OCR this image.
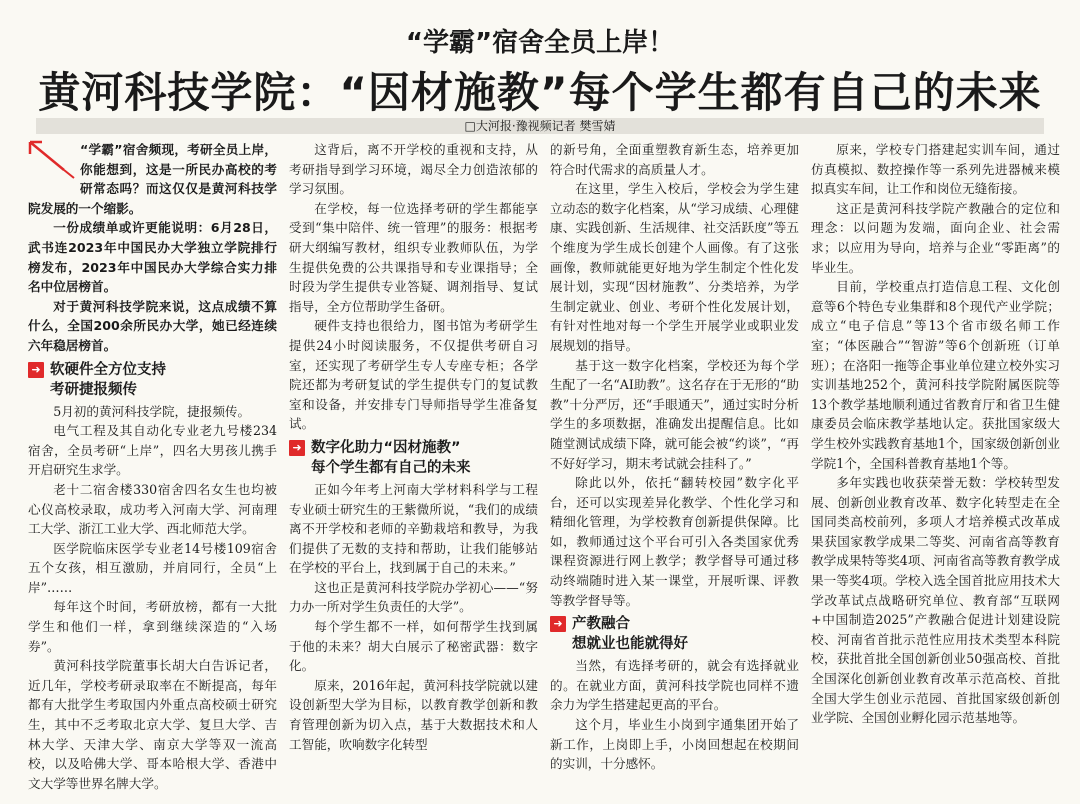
“学霸”宿舍全员上岸！
黄河科技学院：“因材施教”每个学生都有自己的未来
□大河报·豫视频记者 樊雪婧

“学霸”宿舍频现，考研全员上岸，你能想到，这是一所民办高校的考研常态吗？而这仅仅是黄河科技学院发展的一个缩影。

一份成绩单或许更能说明：6月28日，武书连2023年中国民办大学独立学院排行榜发布，2023年中国民办大学综合实力排名中位居榜首。

对于黄河科技学院来说，这点成绩不算什么，全国200余所民办大学，她已经连续六年稳居榜首。

➜ 软硬件全方位支持
考研捷报频传

5月初的黄河科技学院，捷报频传。

电气工程及其自动化专业老九号楼234宿舍，全员考研“上岸”，四名大男孩儿携手开启研究生求学。

老十二宿舍楼330宿舍四名女生也均被心仪高校录取，成功考入河南大学、河南理工大学、浙江工业大学、西北师范大学。

医学院临床医学专业老14号楼109宿舍五个女孩，相互激励，并肩同行，全员“上岸”……

每年这个时间，考研放榜，都有一大批学生和他们一样，拿到继续深造的“入场券”。

黄河科技学院董事长胡大白告诉记者，近几年，学校考研录取率在不断提高，每年都有大批学生考取国内外重点高校硕士研究生，其中不乏考取北京大学、复旦大学、吉林大学、天津大学、南京大学等双一流高校，以及哈佛大学、哥本哈根大学、香港中文大学等世界名牌大学。

这背后，离不开学校的重视和支持，从考研指导到学习环境，竭尽全力创造浓郁的学习氛围。

在学校，每一位选择考研的学生都能享受到“集中陪伴、统一管理”的服务：根据考研大纲编写教材，组织专业教师队伍，为学生提供免费的公共课指导和专业课指导；全时段为学生提供专业答疑、调剂指导、复试指导，全方位帮助学生备研。

硬件支持也很给力，图书馆为考研学生提供24小时阅读服务，不仅提供考研自习室，还实现了考研学生专人专座专柜；各学院还都为考研复试的学生提供专门的复试教室和设备，并安排专门导师指导学生准备复试。

➜ 数字化助力“因材施教”
每个学生都有自己的未来

正如今年考上河南大学材料科学与工程专业硕士研究生的王紫微所说，“我们的成绩离不开学校和老师的辛勤栽培和教导，为我们提供了无数的支持和帮助，让我们能够站在学校的平台上，找到属于自己的未来。”

这也正是黄河科技学院办学初心——“努力办一所对学生负责任的大学”。

每个学生都不一样，如何帮学生找到属于他的未来？胡大白展示了秘密武器：数字化。

原来，2016年起，黄河科技学院就以建设创新型大学为目标，以教育教学创新和教育管理创新为切入点，基于大数据技术和人工智能，吹响数字化转型

的新号角，全面重塑教育新生态，培养更加符合时代需求的高质量人才。

在这里，学生入校后，学校会为学生建立动态的数字化档案，从“学习成绩、心理健康、实践创新、生活规律、社交活跃度”等五个维度为学生成长创建个人画像。有了这张画像，教师就能更好地为学生制定个性化发展计划，实现“因材施教”、分类培养，为学生制定就业、创业、考研个性化发展计划，有针对性地对每一个学生开展学业或职业发展规划的指导。

基于这一数字化档案，学校还为每个学生配了一名“AI助教”。这名存在于无形的“助教”十分严厉，还“手眼通天”，通过实时分析学生的多项数据，准确发出提醒信息。比如随堂测试成绩下降，就可能会被“约谈”，“再不好好学习，期末考试就会挂科了。”

除此以外，依托“翻转校园”数字化平台，还可以实现差异化教学、个性化学习和精细化管理，为学校教育创新提供保障。比如，教师通过这个平台可引入各类国家优秀课程资源进行网上教学；教学督导可通过移动终端随时进入某一课堂，开展听课、评教等教学督导等。

➜ 产教融合
想就业也能就得好

当然，有选择考研的，就会有选择就业的。在就业方面，黄河科技学院也同样不遗余力为学生搭建起更高的平台。

这个月，毕业生小岗到宇通集团开始了新工作，上岗即上手，小岗回想起在校期间的实训，十分感怀。

原来，学校专门搭建起实训车间，通过仿真模拟、数控操作等一系列先进器械来模拟真实车间，让工作和岗位无缝衔接。

这正是黄河科技学院产教融合的定位和理念：以问题为发端，面向企业、社会需求；以应用为导向，培养与企业“零距离”的毕业生。

目前，学校重点打造信息工程、文化创意等6个特色专业集群和8个现代产业学院；成立“电子信息”等13个省市级名师工作室；“体医融合”“智游”等6个创新班（订单班）；在洛阳一拖等企事业单位建立校外实习实训基地252个，黄河科技学院附属医院等13个教学基地顺利通过省教育厅和省卫生健康委员会临床教学基地认定。获批国家级大学生校外实践教育基地1个，国家级创新创业学院1个，全国科普教育基地1个等。

多年实践也收获荣誉无数：学校转型发展、创新创业教育改革、数字化转型走在全国同类高校前列，多项人才培养模式改革成果获国家教学成果二等奖、河南省高等教育教学成果特等奖4项、河南省高等教育教学成果一等奖4项。学校入选全国首批应用技术大学改革试点战略研究单位、教育部“互联网+中国制造2025”产教融合促进计划建设院校、河南省首批示范性应用技术类型本科院校，获批首批全国创新创业50强高校、首批全国深化创新创业教育改革示范高校、首批全国大学生创业示范园、首批国家级创新创业学院、全国创业孵化园示范基地等。
